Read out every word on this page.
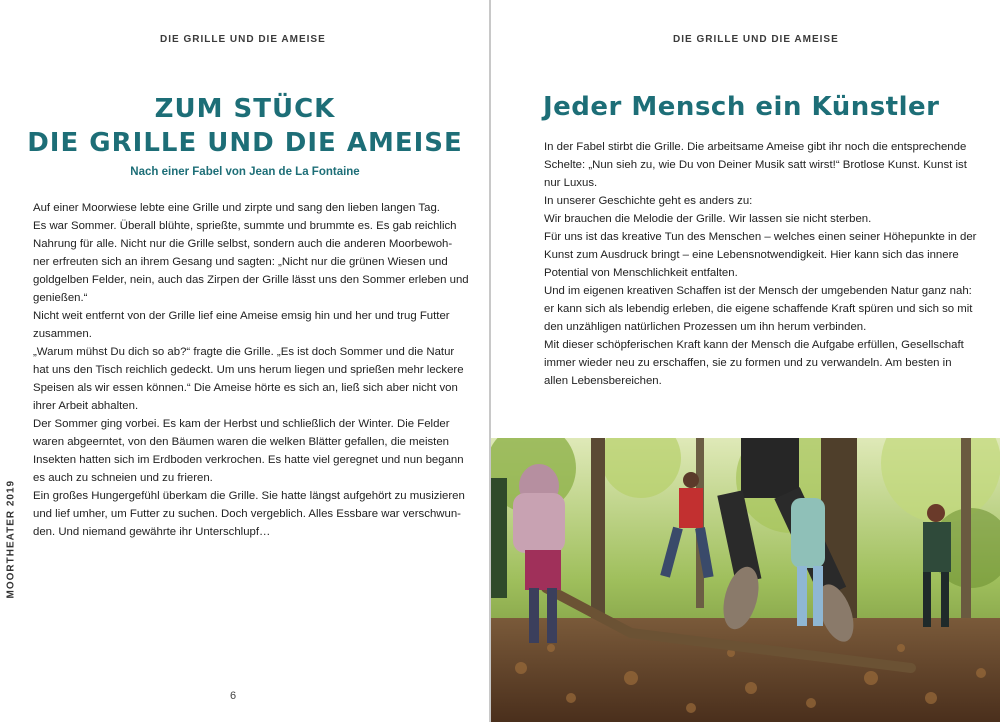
DIE GRILLE UND DIE AMEISE
MOORTHEATER 2019
ZUM STÜCK
DIE GRILLE UND DIE AMEISE
Nach einer Fabel von Jean de La Fontaine

Auf einer Moorwiese lebte eine Grille und zirpte und sang den lieben langen Tag.

Es war Sommer. Überall blühte, sprießte, summte und brummte es. Es gab reichlich

Nahrung für alle. Nicht nur die Grille selbst, sondern auch die anderen Moorbewoh-

ner erfreuten sich an ihrem Gesang und sagten: „Nicht nur die grünen Wiesen und

goldgelben Felder, nein, auch das Zirpen der Grille lässt uns den Sommer erleben und

genießen.“

Nicht weit entfernt von der Grille lief eine Ameise emsig hin und her und trug Futter

zusammen.

„Warum mühst Du dich so ab?“ fragte die Grille. „Es ist doch Sommer und die Natur

hat uns den Tisch reichlich gedeckt. Um uns herum liegen und sprießen mehr leckere

Speisen als wir essen können.“ Die Ameise hörte es sich an, ließ sich aber nicht von

ihrer Arbeit abhalten.

Der Sommer ging vorbei. Es kam der Herbst und schließlich der Winter. Die Felder

waren abgeerntet, von den Bäumen waren die welken Blätter gefallen, die meisten

Insekten hatten sich im Erdboden verkrochen. Es hatte viel geregnet und nun begann

es auch zu schneien und zu frieren.

Ein großes Hungergefühl überkam die Grille. Sie hatte längst aufgehört zu musizieren

und lief umher, um Futter zu suchen. Doch vergeblich. Alles Essbare war verschwun-

den. Und niemand gewährte ihr Unterschlupf…

6
DIE GRILLE UND DIE AMEISE
Jeder Mensch ein Künstler

In der Fabel stirbt die Grille. Die arbeitsame Ameise gibt ihr noch die entsprechende

Schelte: „Nun sieh zu, wie Du von Deiner Musik satt wirst!“ Brotlose Kunst. Kunst ist

nur Luxus.

In unserer Geschichte geht es anders zu:

Wir brauchen die Melodie der Grille. Wir lassen sie nicht sterben.

Für uns ist das kreative Tun des Menschen – welches einen seiner Höhepunkte in der

Kunst zum Ausdruck bringt – eine Lebensnotwendigkeit. Hier kann sich das innere

Potential von Menschlichkeit entfalten.

Und im eigenen kreativen Schaffen ist der Mensch der umgebenden Natur ganz nah:

er kann sich als lebendig erleben, die eigene schaffende Kraft spüren und sich so mit

den unzähligen natürlichen Prozessen um ihn herum verbinden.

Mit dieser schöpferischen Kraft kann der Mensch die Aufgabe erfüllen, Gesellschaft

immer wieder neu zu erschaffen, sie zu formen und zu verwandeln. Am besten in

allen Lebensbereichen.
